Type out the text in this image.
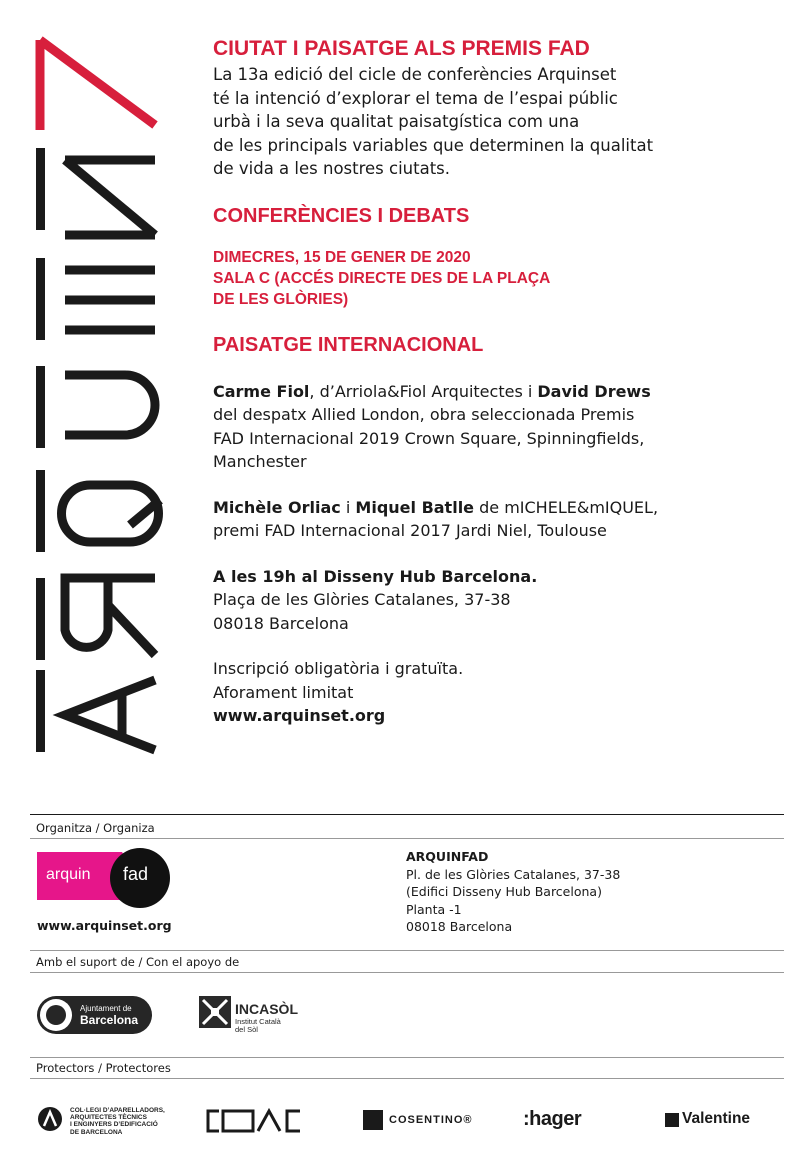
CIUTAT I PAISATGE ALS PREMIS FAD

La 13a edició del cicle de conferències Arquinset

té la intenció d’explorar el tema de l’espai públic

urbà i la seva qualitat paisatgística com una

de les principals variables que determinen la qualitat

de vida a les nostres ciutats.

CONFERÈNCIES I DEBATS

DIMECRES, 15 DE GENER DE 2020

SALA C (ACCÉS DIRECTE DES DE LA PLAÇA

DE LES GLÒRIES)

PAISATGE INTERNACIONAL

Carme Fiol, d’Arriola&Fiol Arquitectes i David Drews

del despatx Allied London, obra seleccionada Premis

FAD Internacional 2019 Crown Square, Spinningfields,

Manchester

Michèle Orliac i Miquel Batlle de mICHELE&mIQUEL,

premi FAD Internacional 2017 Jardi Niel, Toulouse

A les 19h al Disseny Hub Barcelona.

Plaça de les Glòries Catalanes, 37-38

08018 Barcelona

Inscripció obligatòria i gratuïta.

Aforament limitat

www.arquinset.org

Organitza / Organiza
arquin fad
www.arquinset.org
ARQUINFAD
Pl. de les Glòries Catalanes, 37-38
(Edifici Disseny Hub Barcelona)
Planta -1
08018 Barcelona
Amb el suport de / Con el apoyo de
Ajuntament de
Barcelona
INCASÒL
Institut Català
del Sòl
Protectors / Protectores
COL·LEGI D’APARELLADORS,
ARQUITECTES TÈCNICS
I ENGINYERS D’EDIFICACIÓ
DE BARCELONA
COSENTINO®	:hager	Valentine
